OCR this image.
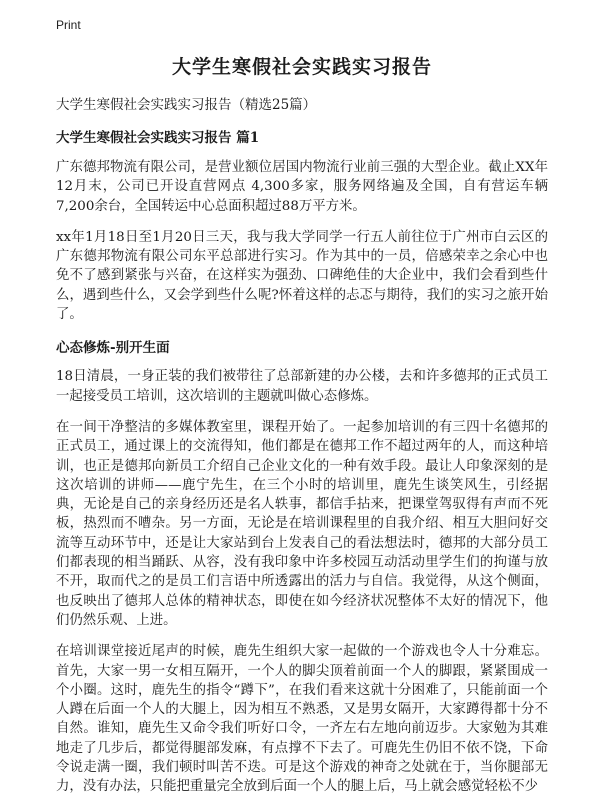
Print
大学生寒假社会实践实习报告
大学生寒假社会实践实习报告（精选25篇）
大学生寒假社会实践实习报告 篇1

广东德邦物流有限公司，是营业额位居国内物流行业前三强的大型企业。截止XX年12月末，公司已开设直营网点 4,300多家，服务网络遍及全国，自有营运车辆7,200余台，全国转运中心总面积超过88万平方米。

xx年1月18日至1月20日三天，我与我大学同学一行五人前往位于广州市白云区的广东德邦物流有限公司东平总部进行实习。作为其中的一员，倍感荣幸之余心中也免不了感到紧张与兴奋，在这样实为强劲、口碑绝佳的大企业中，我们会看到些什么，遇到些什么，又会学到些什么呢?怀着这样的忐忑与期待，我们的实习之旅开始了。

心态修炼-别开生面

18日清晨，一身正装的我们被带往了总部新建的办公楼，去和许多德邦的正式员工一起接受员工培训，这次培训的主题就叫做心态修炼。

在一间干净整洁的多媒体教室里，课程开始了。一起参加培训的有三四十名德邦的正式员工，通过课上的交流得知，他们都是在德邦工作不超过两年的人，而这种培训，也正是德邦向新员工介绍自己企业文化的一种有效手段。最让人印象深刻的是这次培训的讲师——鹿宁先生，在三个小时的培训里，鹿先生谈笑风生，引经据典，无论是自己的亲身经历还是名人轶事，都信手拈来，把课堂驾驭得有声而不死板，热烈而不嘈杂。另一方面，无论是在培训课程里的自我介绍、相互大胆问好交流等互动环节中，还是让大家站到台上发表自己的看法想法时，德邦的大部分员工们都表现的相当踊跃、从容，没有我印象中许多校园互动活动里学生们的拘谨与放不开，取而代之的是员工们言语中所透露出的活力与自信。我觉得，从这个侧面，也反映出了德邦人总体的精神状态，即使在如今经济状况整体不太好的情况下，他们仍然乐观、上进。

在培训课堂接近尾声的时候，鹿先生组织大家一起做的一个游戏也令人十分难忘。首先，大家一男一女相互隔开，一个人的脚尖顶着前面一个人的脚跟，紧紧围成一个小圈。这时，鹿先生的指令“蹲下”，在我们看来这就十分困难了，只能前面一个人蹲在后面一个人的大腿上，因为相互不熟悉，又是男女隔开，大家蹲得都十分不自然。谁知，鹿先生又命令我们听好口令，一齐左右左地向前迈步。大家勉为其难地走了几步后，都觉得腿部发麻，有点撑不下去了。可鹿先生仍旧不依不饶，下命令说走满一圈，我们顿时叫苦不迭。可是这个游戏的神奇之处就在于，当你腿部无力，没有办法，只能把重量完全放到后面一个人的腿上后，马上就会感觉轻松不少
